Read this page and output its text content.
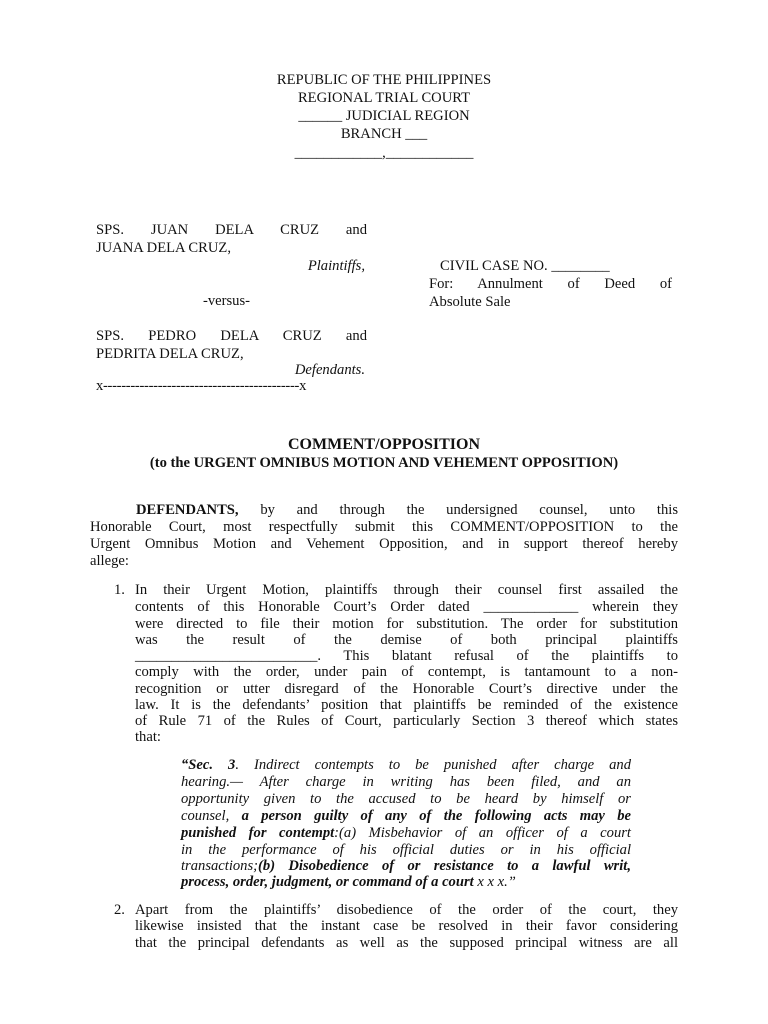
REPUBLIC OF THE PHILIPPINES
REGIONAL TRIAL COURT
______ JUDICIAL REGION
BRANCH ___
____________,____________
SPS. JUAN DELA CRUZ and
JUANA DELA CRUZ,
Plaintiffs,
-versus-
SPS. PEDRO DELA CRUZ and
PEDRITA DELA CRUZ,
Defendants.
x-------------------------------------------x
CIVIL CASE NO. ________
For: Annulment of Deed of
Absolute Sale
COMMENT/OPPOSITION
(to the URGENT OMNIBUS MOTION AND VEHEMENT OPPOSITION)
DEFENDANTS, by and through the undersigned counsel, unto this
Honorable Court, most respectfully submit this COMMENT/OPPOSITION to the
Urgent Omnibus Motion and Vehement Opposition, and in support thereof hereby
allege:
1. In their Urgent Motion, plaintiffs through their counsel first assailed the
contents of this Honorable Court’s Order dated _____________ wherein they
were directed to file their motion for substitution. The order for substitution
was the result of the demise of both principal plaintiffs
_________________________. This blatant refusal of the plaintiffs to
comply with the order, under pain of contempt, is tantamount to a non-
recognition or utter disregard of the Honorable Court’s directive under the
law. It is the defendants’ position that plaintiffs be reminded of the existence
of Rule 71 of the Rules of Court, particularly Section 3 thereof which states
that:
“Sec. 3. Indirect contempts to be punished after charge and
hearing.— After charge in writing has been filed, and an
opportunity given to the accused to be heard by himself or
counsel, a person guilty of any of the following acts may be
punished for contempt:(a) Misbehavior of an officer of a court
in the performance of his official duties or in his official
transactions;(b) Disobedience of or resistance to a lawful writ,
process, order, judgment, or command of a court x x x.”
2. Apart from the plaintiffs’ disobedience of the order of the court, they
likewise insisted that the instant case be resolved in their favor considering
that the principal defendants as well as the supposed principal witness are all
